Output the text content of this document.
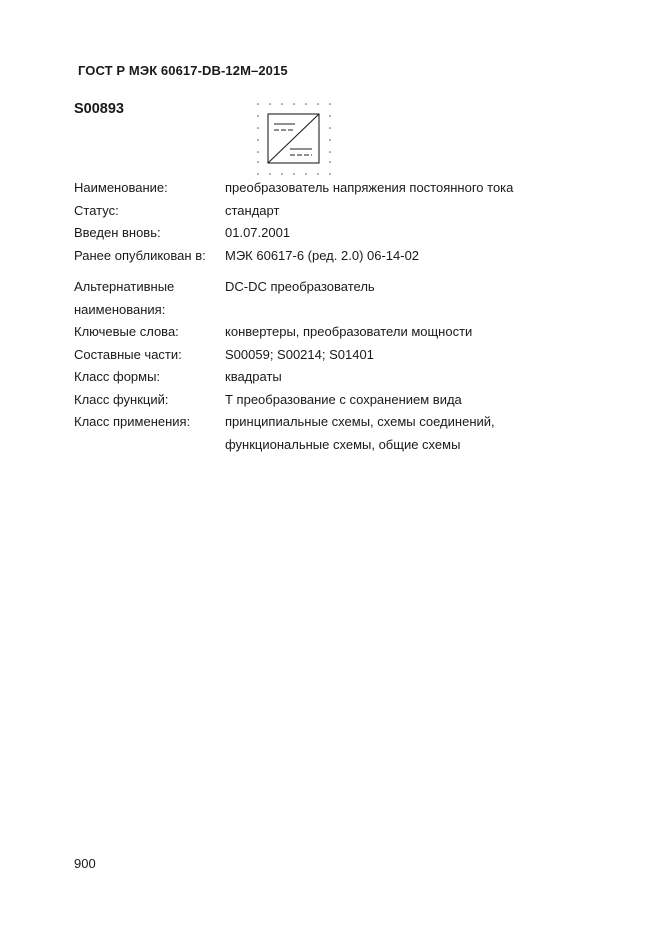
ГОСТ Р МЭК 60617-DB-12M–2015
S00893
Наименование:	преобразователь напряжения постоянного тока
Статус:	стандарт
Введен вновь:	01.07.2001
Ранее опубликован в:	МЭК 60617-6 (ред. 2.0) 06-14-02
Альтернативные
наименования:
DC-DC преобразователь
Ключевые слова:	конвертеры, преобразователи мощности
Составные части:	S00059; S00214; S01401
Класс формы:	квадраты
Класс функций:	Т преобразование с сохранением вида
Класс применения:	принципиальные схемы, схемы соединений,
функциональные схемы, общие схемы
900
